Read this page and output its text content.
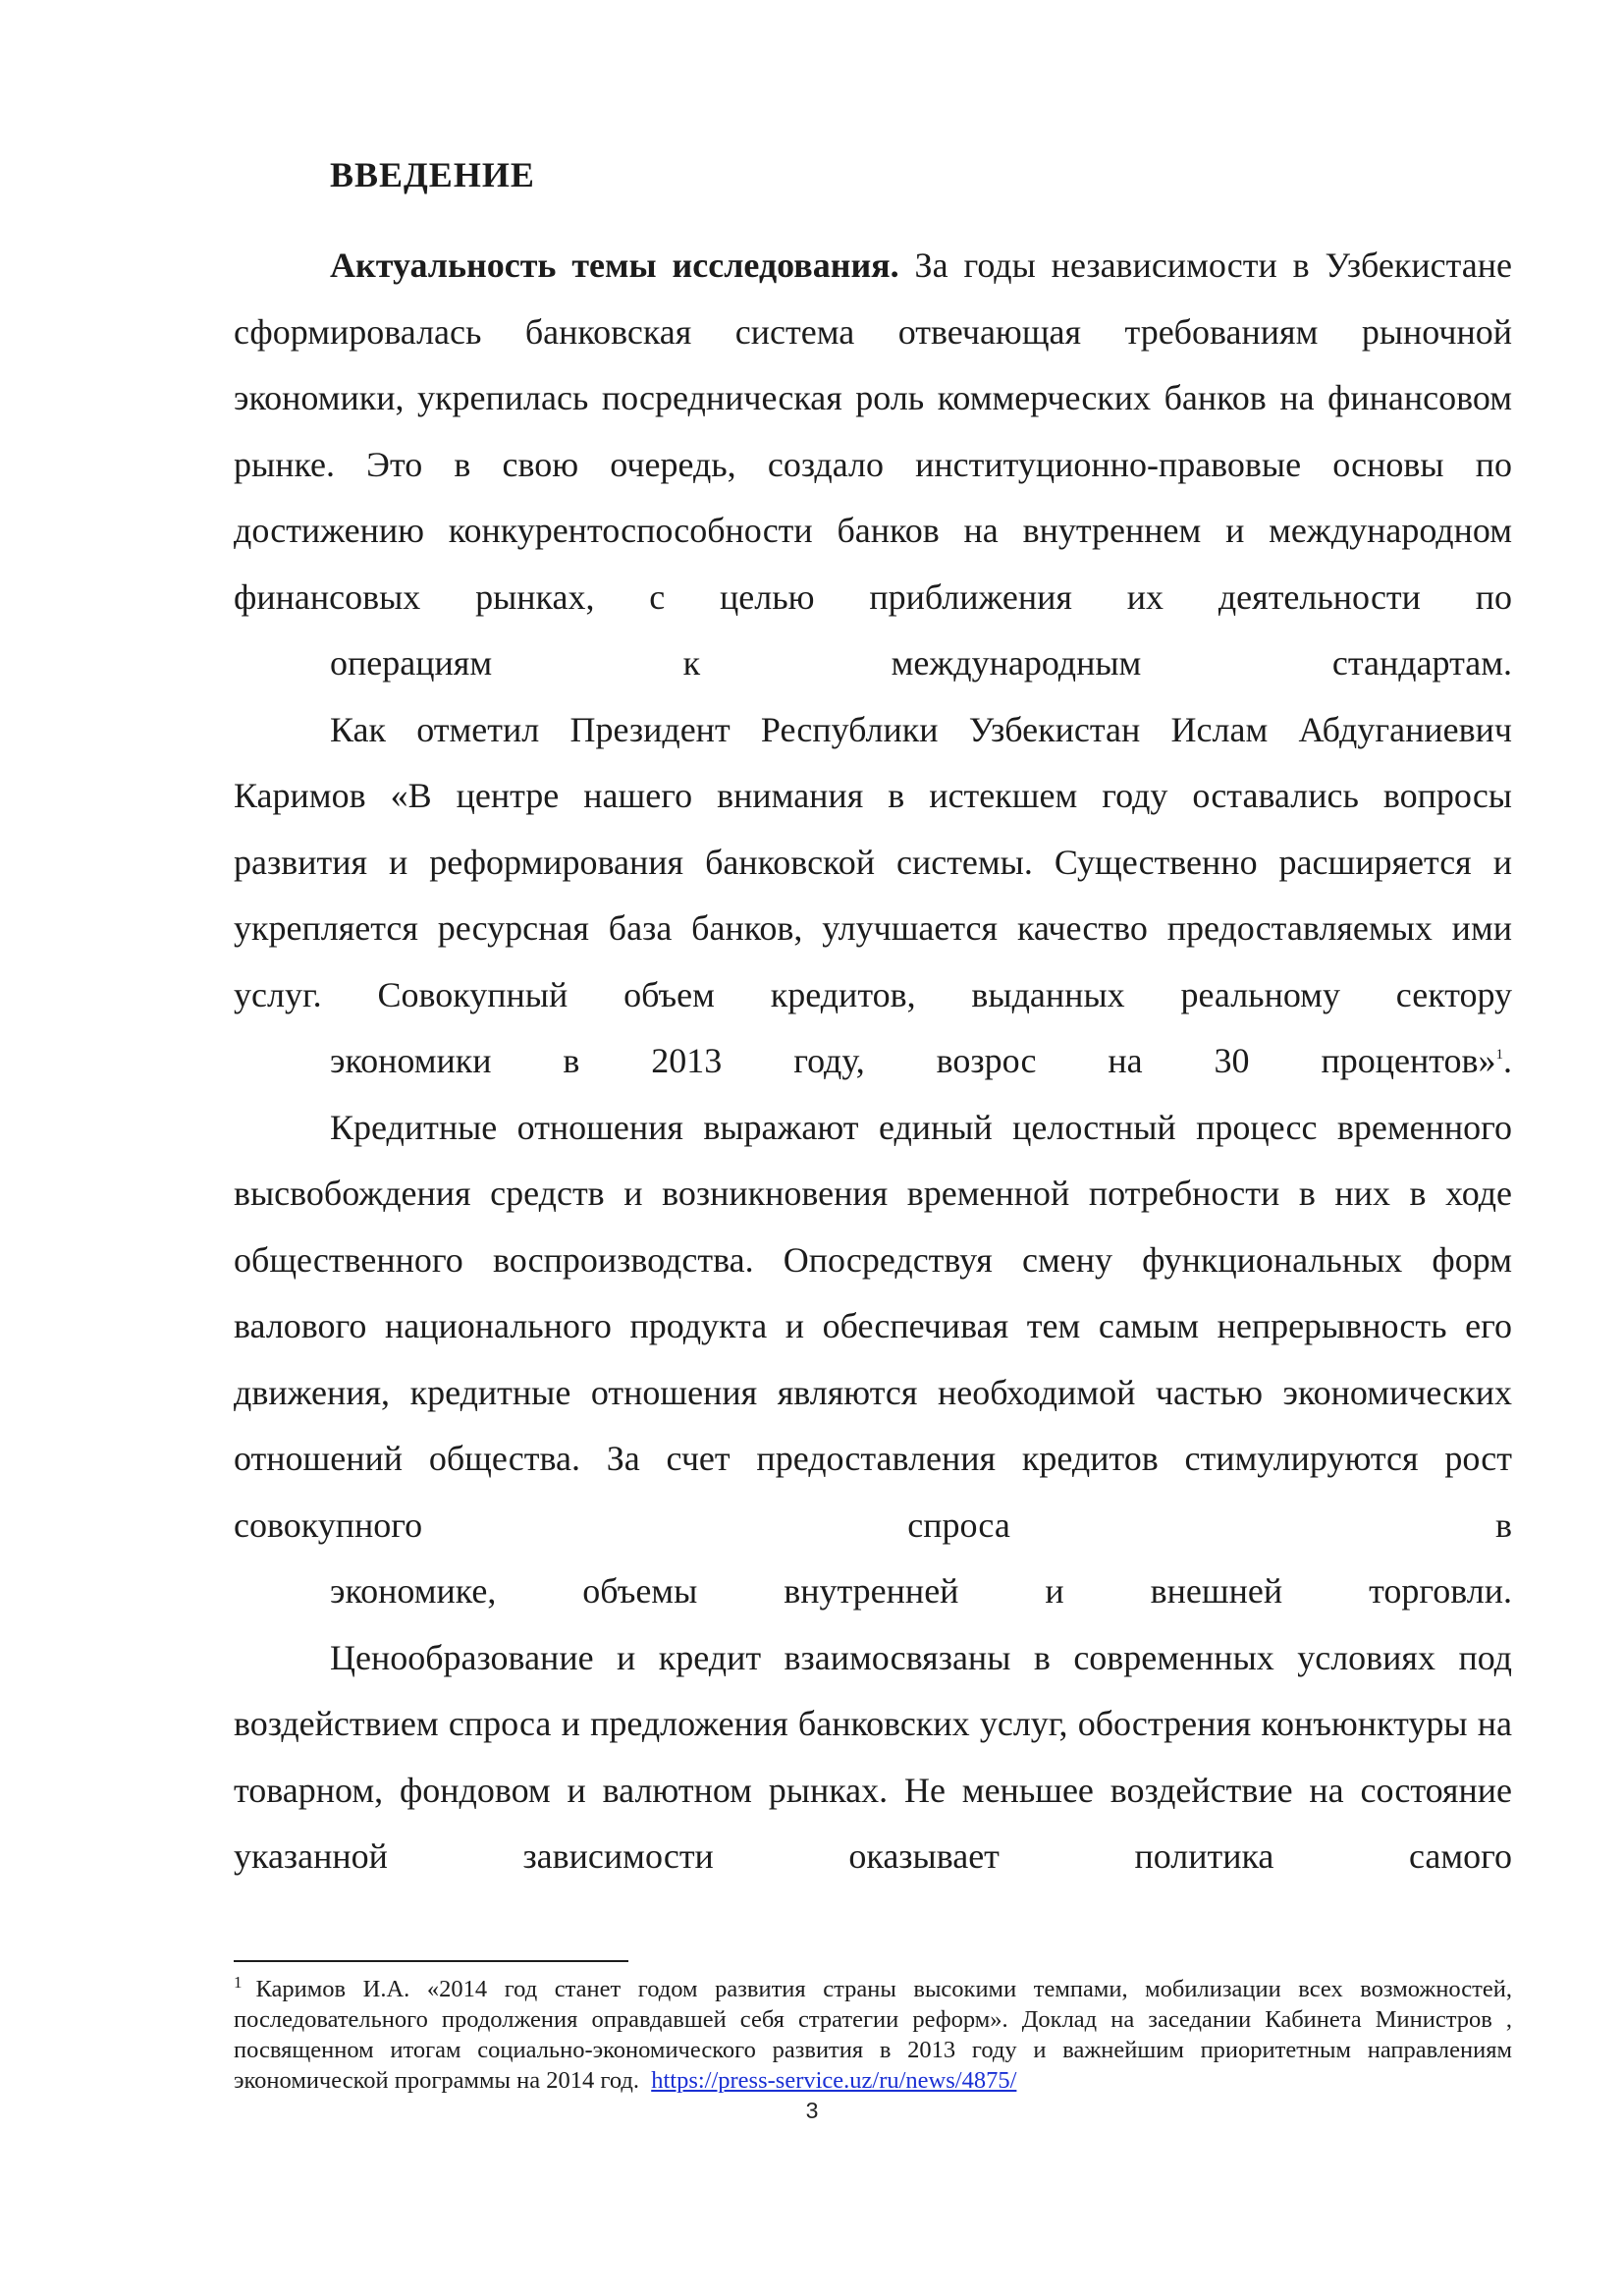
ВВЕДЕНИЕ

Актуальность темы исследования. За годы независимости в Узбекистане сформировалась банковская система отвечающая требованиям рыночной экономики, укрепилась посредническая роль коммерческих банков на финансовом рынке. Это в свою очередь, создало институционно-правовые основы по достижению конкурентоспособности банков на внутреннем и международном финансовых рынках, с целью приближения их деятельности по
операциям к международным стандартам.

Как отметил Президент Республики Узбекистан Ислам Абдуганиевич Каримов «В центре нашего внимания в истекшем году оставались вопросы развития и реформирования банковской системы. Существенно расширяется и укрепляется ресурсная база банков, улучшается качество предоставляемых ими услуг. Совокупный объем кредитов, выданных реальному сектору
экономики в 2013 году, возрос на 30 процентов»$^1$.

Кредитные отношения выражают единый целостный процесс временного высвобождения средств и возникновения временной потребности в них в ходе общественного воспроизводства. Опосредствуя смену функциональных форм валового национального продукта и обеспечивая тем самым непрерывность его движения, кредитные отношения являются необходимой частью экономических отношений общества. За счет предоставления кредитов стимулируются рост совокупного спроса в
экономике, объемы внутренней и внешней торговли.

Ценообразование и кредит взаимосвязаны в современных условиях под воздействием спроса и предложения банковских услуг, обострения конъюнктуры на товарном, фондовом и валютном рынках. Не меньшее воздействие на состояние указанной зависимости оказывает политика самого

$^1$ Каримов И.А. «2014 год станет годом развития страны высокими темпами, мобилизации всех возможностей, последовательного продолжения оправдавшей себя стратегии реформ». Доклад на заседании Кабинета Министров , посвященном итогам социально-экономического развития в 2013 году и важнейшим приоритетным направлениям экономической программы на 2014 год. https://press-service.uz/ru/news/4875/
3
